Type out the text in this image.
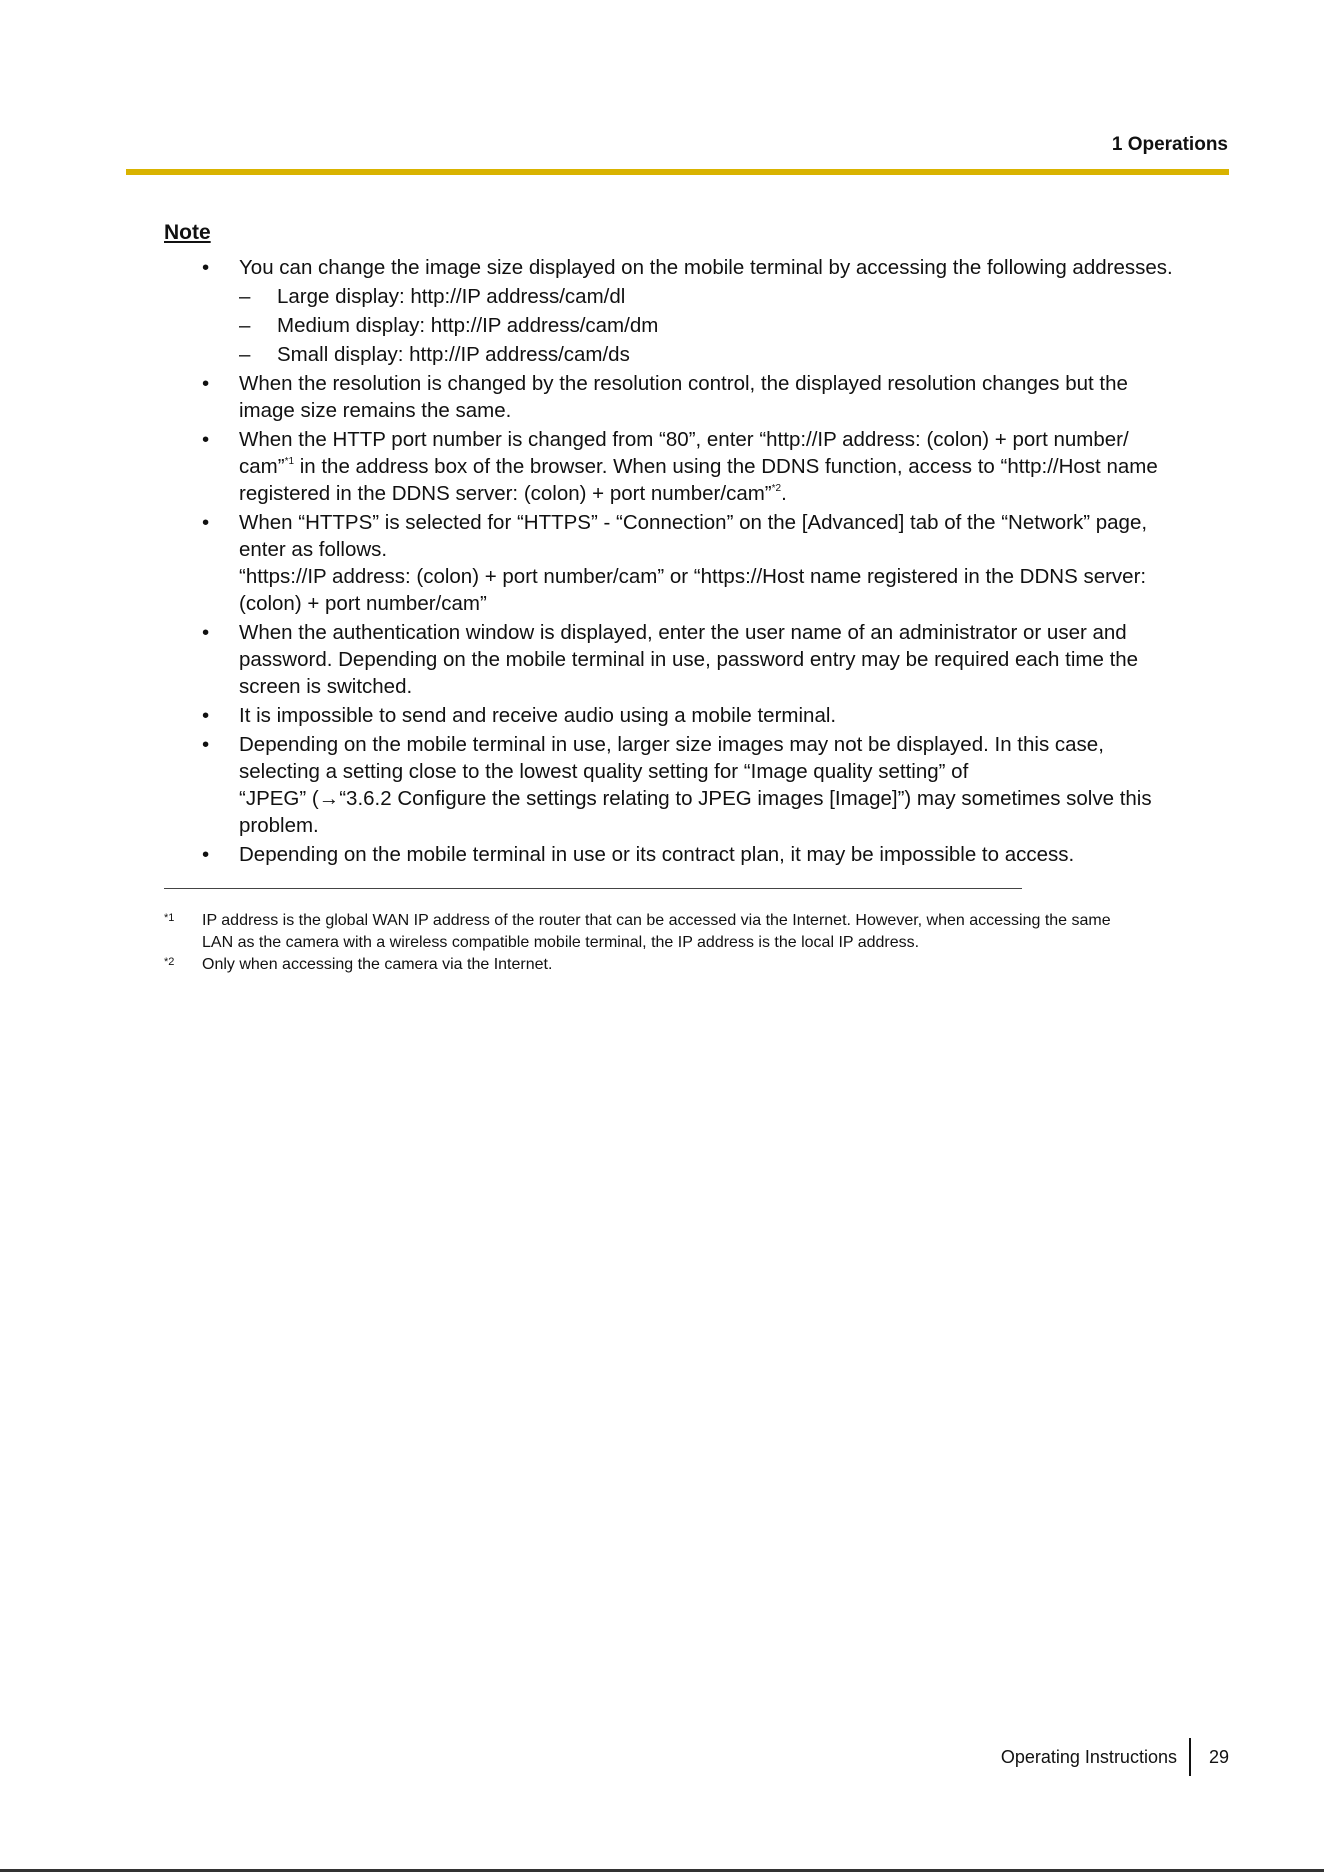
1 Operations
Note
• You can change the image size displayed on the mobile terminal by accessing the following addresses.
– Large display: http://IP address/cam/dl
– Medium display: http://IP address/cam/dm
– Small display: http://IP address/cam/ds
• When the resolution is changed by the resolution control, the displayed resolution changes but the
image size remains the same.
• When the HTTP port number is changed from “80”, enter “http://IP address: (colon) + port number/
cam”$^{*1}$ in the address box of the browser. When using the DDNS function, access to “http://Host name
registered in the DDNS server: (colon) + port number/cam”$^{*2}$.
• When “HTTPS” is selected for “HTTPS” - “Connection” on the [Advanced] tab of the “Network” page,
enter as follows.
“https://IP address: (colon) + port number/cam” or “https://Host name registered in the DDNS server:
(colon) + port number/cam”
• When the authentication window is displayed, enter the user name of an administrator or user and
password. Depending on the mobile terminal in use, password entry may be required each time the
screen is switched.
• It is impossible to send and receive audio using a mobile terminal.
• Depending on the mobile terminal in use, larger size images may not be displayed. In this case,
selecting a setting close to the lowest quality setting for “Image quality setting” of
“JPEG” (→“3.6.2 Configure the settings relating to JPEG images [Image]”) may sometimes solve this
problem.
• Depending on the mobile terminal in use or its contract plan, it may be impossible to access.
*1 IP address is the global WAN IP address of the router that can be accessed via the Internet. However, when accessing the same
LAN as the camera with a wireless compatible mobile terminal, the IP address is the local IP address.
*2 Only when accessing the camera via the Internet.
Operating Instructions 29
